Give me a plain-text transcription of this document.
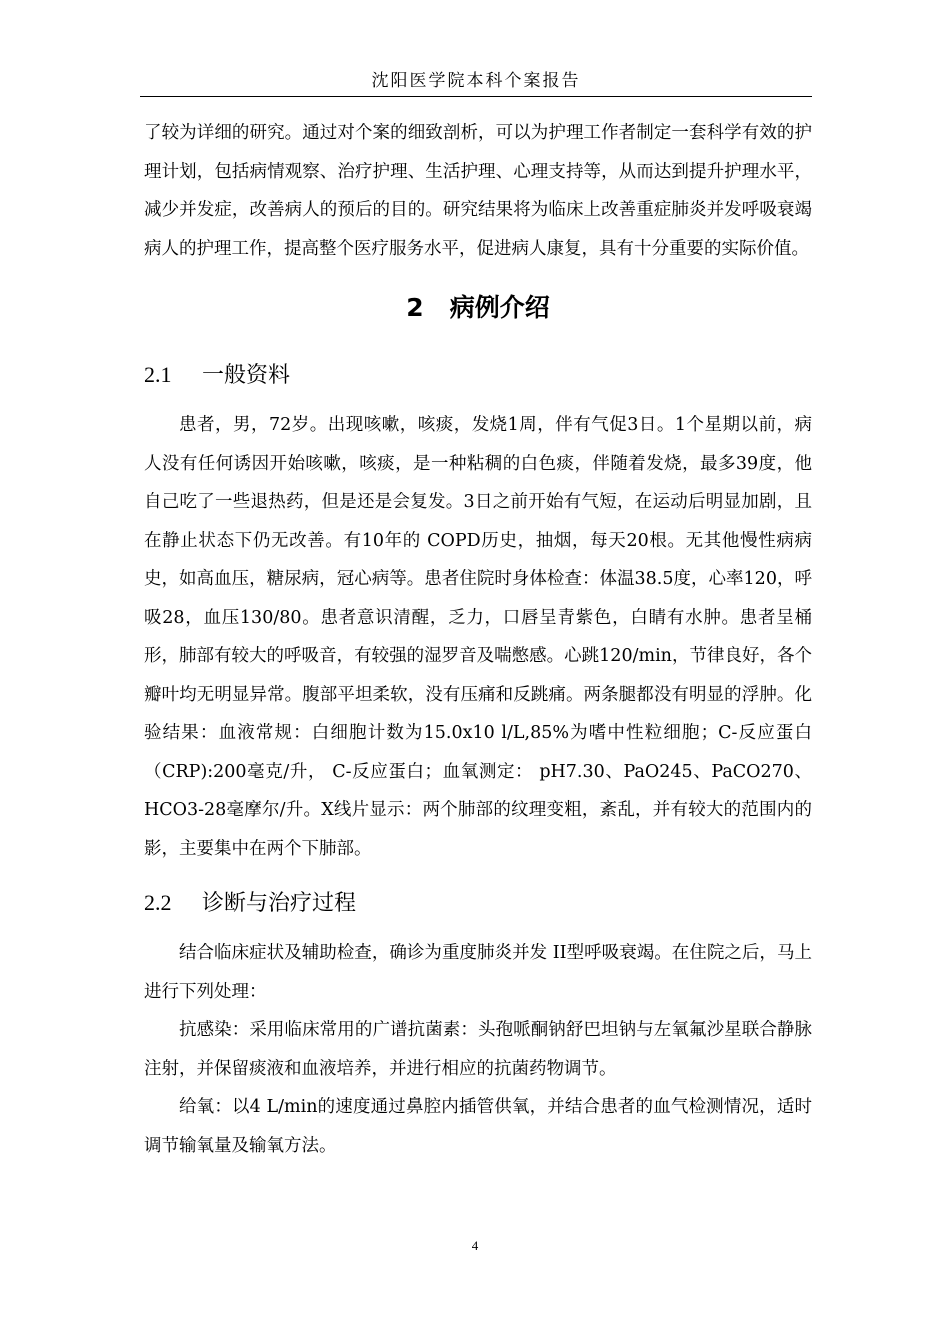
沈阳医学院本科个案报告

了较为详细的研究。通过对个案的细致剖析，可以为护理工作者制定一套科学有效的护理计划，包括病情观察、治疗护理、生活护理、心理支持等，从而达到提升护理水平，减少并发症，改善病人的预后的目的。研究结果将为临床上改善重症肺炎并发呼吸衰竭病人的护理工作，提高整个医疗服务水平，促进病人康复，具有十分重要的实际价值。

2 病例介绍
2.1 一般资料

患者，男，72岁。出现咳嗽，咳痰，发烧1周，伴有气促3日。1个星期以前，病人没有任何诱因开始咳嗽，咳痰，是一种粘稠的白色痰，伴随着发烧，最多39度，他自己吃了一些退热药，但是还是会复发。3日之前开始有气短，在运动后明显加剧，且在静止状态下仍无改善。有10年的 COPD历史，抽烟，每天20根。无其他慢性病病史，如高血压，糖尿病，冠心病等。患者住院时身体检查：体温38.5度，心率120，呼吸28，血压130/80。患者意识清醒，乏力，口唇呈青紫色，白睛有水肿。患者呈桶形，肺部有较大的呼吸音，有较强的湿罗音及喘憋感。心跳120/min，节律良好，各个瓣叶均无明显异常。腹部平坦柔软，没有压痛和反跳痛。两条腿都没有明显的浮肿。化验结果：血液常规：白细胞计数为15.0x10 l/L,85%为嗜中性粒细胞；C-反应蛋白（CRP):200毫克/升， C-反应蛋白；血氧测定： pH7.30、PaO245、PaCO270、HCO3-28毫摩尔/升。X线片显示：两个肺部的纹理变粗，紊乱，并有较大的范围内的影，主要集中在两个下肺部。

2.2 诊断与治疗过程

结合临床症状及辅助检查，确诊为重度肺炎并发 II型呼吸衰竭。在住院之后，马上进行下列处理：

抗感染：采用临床常用的广谱抗菌素：头孢哌酮钠舒巴坦钠与左氧氟沙星联合静脉注射，并保留痰液和血液培养，并进行相应的抗菌药物调节。

给氧：以4 L/min的速度通过鼻腔内插管供氧，并结合患者的血气检测情况，适时调节输氧量及输氧方法。

4
